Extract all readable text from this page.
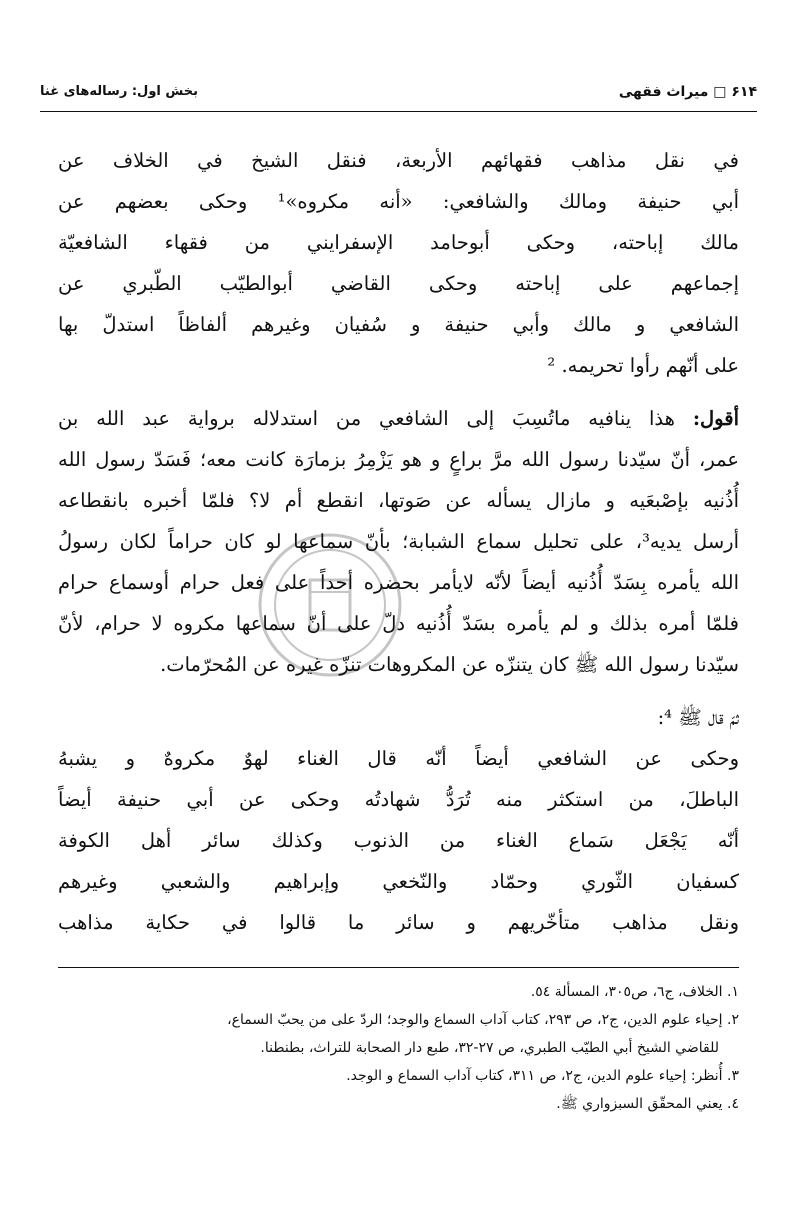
۶۱۴ □ میراث فقهی
بخش اول: رساله‌های غنا
في نقل مذاهب فقهائهم الأربعة، فنقل الشيخ في الخلاف عن
أبي حنيفة ومالك والشافعي: «أنه مكروه»¹ وحكى بعضهم عن
مالك إباحته، وحكى أبوحامد الإسفرايني من فقهاء الشافعيّة
إجماعهم على إباحته وحكى القاضي أبوالطيّب الطّبري عن
الشافعي و مالك وأبي حنيفة و سُفيان وغيرهم ألفاظاً استدلّ بها
على أنّهم رأوا تحريمه. ²
أقول: هذا ينافيه ماتُسِبَ إلى الشافعي من استدلاله برواية عبد الله بن
عمر، أنّ سيّدنا رسول الله مرَّ براعٍ و هو يَزْمِرُ بزمارَة كانت معه؛ فَسَدّ رسول الله
أُذُنيه بإصْبعَيه و مازال يسأله عن صَوتها، انقطع أم لا؟ فلمّا أخبره بانقطاعه
أرسل يديه³، على تحليل سماع الشبابة؛ بأنّ سماعها لو كان حراماً لكان رسولُ
الله يأمره بِسَدّ أُذُنيه أيضاً لأنّه لايأمر بحضره أحداً على فعل حرام أوسماع حرام
فلمّا أمره بذلك و لم يأمره بسَدّ أُذُنيه دلّ على أنّ سماعها مكروه لا حرام، لأنّ
سيّدنا رسول الله ﷺ كان يتنزّه عن المكروهات تنزّه غيره عن المُحرّمات.
ثمّ قال ﷺ ⁴:
وحكى عن الشافعي أيضاً أنّه قال الغناء لهوٌ مكروهٌ و يشبهُ
الباطلَ، من استكثر منه تُرَدُّ شهادتُه وحكى عن أبي حنيفة أيضاً
أنّه يَجْعَل سَماع الغناء من الذنوب وكذلك سائر أهل الكوفة
كسفيان الثّوري وحمّاد والنّخعي وإبراهيم والشعبي وغيرهم
ونقل مذاهب متأخّريهم و سائر ما قالوا في حكاية مذاهب
١. الخلاف، ج٦، ص٣٠٥، المسألة ٥٤.
٢. إحياء علوم الدين، ج٢، ص ٢٩٣، كتاب آداب السماع والوجد؛ الردّ على من يحبّ السماع،
للقاضي الشيخ أبي الطيّب الطبري، ص ٢٧-٣٢، طبع دار الصحابة للتراث، بطنطنا.
٣. أُنظر: إحياء علوم الدين، ج٢، ص ٣١١، كتاب آداب السماع و الوجد.
٤. يعني المحقّق السبزواري ﷺ.
